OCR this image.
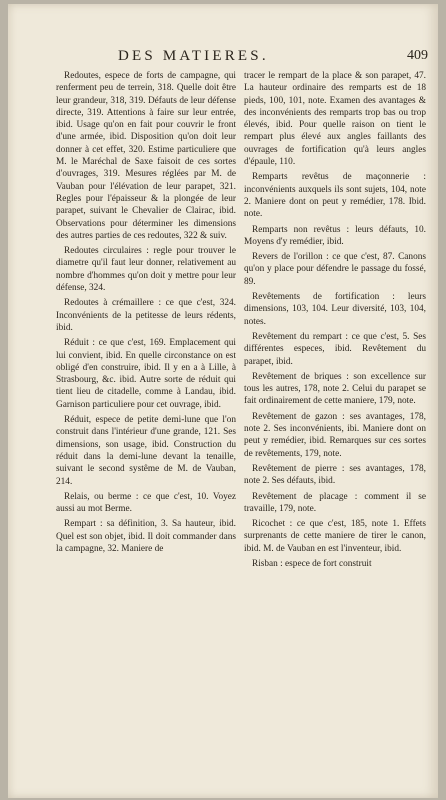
DES MATIERES.	409

Redoutes, espece de forts de campagne, qui renferment peu de terrein, 318. Quelle doit être leur grandeur, 318, 319. Défauts de leur défense directe, 319. Attentions à faire sur leur entrée, ibid. Usage qu'on en fait pour couvrir le front d'une armée, ibid. Disposition qu'on doit leur donner à cet effet, 320. Estime particuliere que M. le Maréchal de Saxe faisoit de ces sortes d'ouvrages, 319. Mesures réglées par M. de Vauban pour l'élévation de leur parapet, 321. Regles pour l'épaisseur & la plongée de leur parapet, suivant le Chevalier de Clairac, ibid. Observations pour déterminer les dimensions des autres parties de ces redoutes, 322 & suiv.

Redoutes circulaires : regle pour trouver le diametre qu'il faut leur donner, relativement au nombre d'hommes qu'on doit y mettre pour leur défense, 324.

Redoutes à crémaillere : ce que c'est, 324. Inconvénients de la petitesse de leurs rédents, ibid.

Réduit : ce que c'est, 169. Emplacement qui lui convient, ibid. En quelle circonstance on est obligé d'en construire, ibid. Il y en a à Lille, à Strasbourg, &c. ibid. Autre sorte de réduit qui tient lieu de citadelle, comme à Landau, ibid. Garnison particuliere pour cet ouvrage, ibid.

Réduit, espece de petite demi-lune que l'on construit dans l'intérieur d'une grande, 121. Ses dimensions, son usage, ibid. Construction du réduit dans la demi-lune devant la tenaille, suivant le second systême de M. de Vauban, 214.

Relais, ou berme : ce que c'est, 10. Voyez aussi au mot Berme.

Rempart : sa définition, 3. Sa hauteur, ibid. Quel est son objet, ibid. Il doit commander dans la campagne, 32. Maniere de

tracer le rempart de la place & son parapet, 47. La hauteur ordinaire des remparts est de 18 pieds, 100, 101, note. Examen des avantages & des inconvénients des remparts trop bas ou trop élevés, ibid. Pour quelle raison on tient le rempart plus élevé aux angles faillants des ouvrages de fortification qu'à leurs angles d'épaule, 110.

Remparts revêtus de maçonnerie : inconvénients auxquels ils sont sujets, 104, note 2. Maniere dont on peut y remédier, 178. Ibid. note.

Remparts non revêtus : leurs défauts, 10. Moyens d'y remédier, ibid.

Revers de l'orillon : ce que c'est, 87. Canons qu'on y place pour défendre le passage du fossé, 89.

Revêtements de fortification : leurs dimensions, 103, 104. Leur diversité, 103, 104, notes.

Revêtement du rempart : ce que c'est, 5. Ses différentes especes, ibid. Revêtement du parapet, ibid.

Revêtement de briques : son excellence sur tous les autres, 178, note 2. Celui du parapet se fait ordinairement de cette maniere, 179, note.

Revêtement de gazon : ses avantages, 178, note 2. Ses inconvénients, ibi. Maniere dont on peut y remédier, ibid. Remarques sur ces sortes de revêtements, 179, note.

Revêtement de pierre : ses avantages, 178, note 2. Ses défauts, ibid.

Revêtement de placage : comment il se travaille, 179, note.

Ricochet : ce que c'est, 185, note 1. Effets surprenants de cette maniere de tirer le canon, ibid. M. de Vauban en est l'inventeur, ibid.

Risban : espece de fort construit
